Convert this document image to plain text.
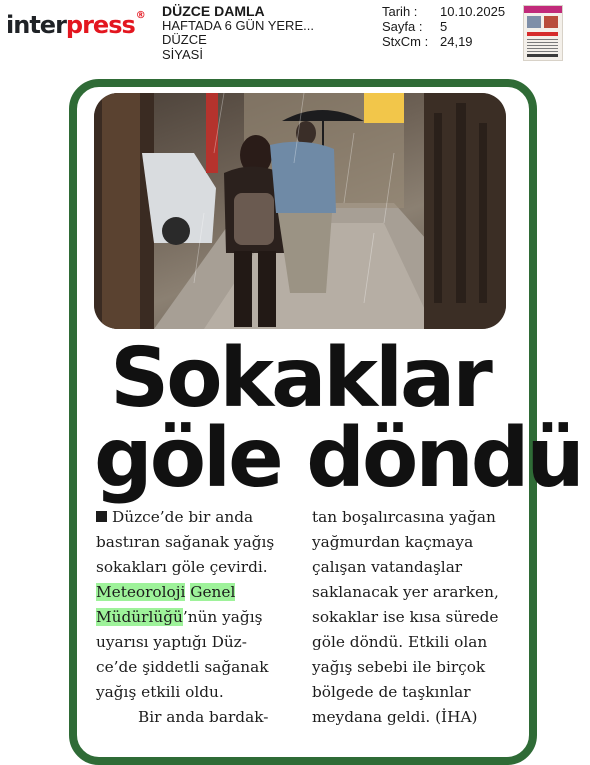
interpress® DÜZCE DAMLA
HAFTADA 6 GÜN YERE...
DÜZCE
SİYASİ
Tarih :	10.10.2025
Sayfa :	5
StxCm : 24,19
Sokaklar
göle döndü
Düzce’de bir anda
bastıran sağanak yağış
sokakları göle çevirdi.
Meteoroloji Genel
Müdürlüğü’nün yağış
uyarısı yaptığı Düz-
ce’de şiddetli sağanak
yağış etkili oldu.
Bir anda bardak-
tan boşalırcasına yağan
yağmurdan kaçmaya
çalışan vatandaşlar
saklanacak yer ararken,
sokaklar ise kısa sürede
göle döndü. Etkili olan
yağış sebebi ile birçok
bölgede de taşkınlar
meydana geldi. (İHA)
